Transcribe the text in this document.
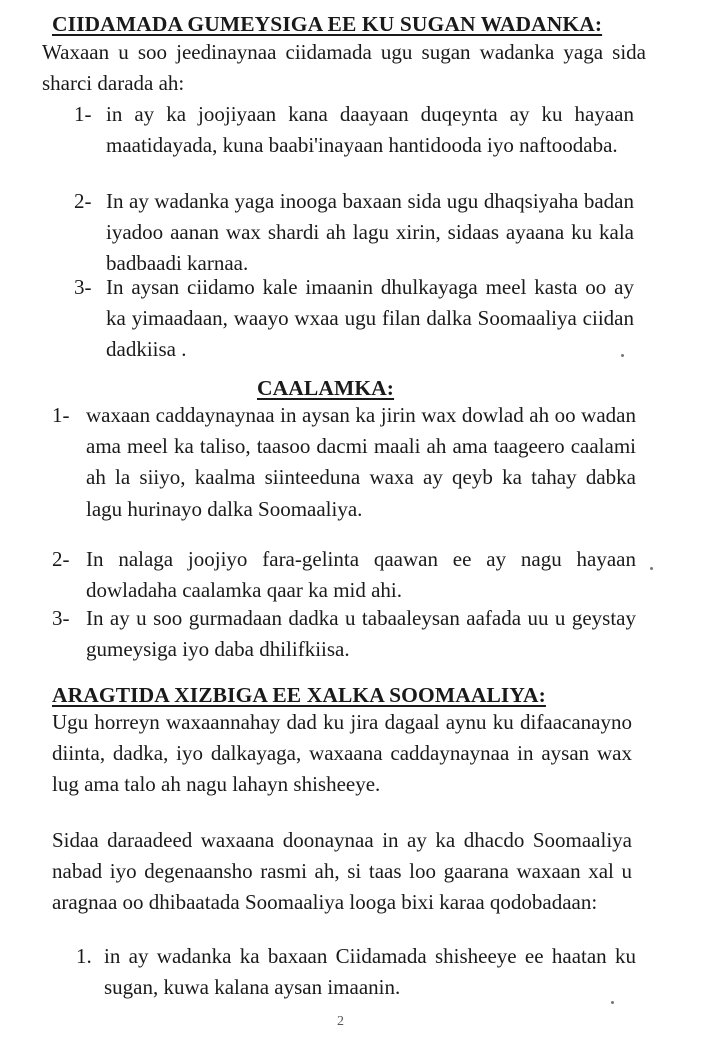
CIIDAMADA GUMEYSIGA EE KU SUGAN WADANKA:
Waxaan u soo jeedinaynaa ciidamada ugu sugan wadanka yaga sida sharci darada ah:
1- in ay ka joojiyaan kana daayaan duqeynta ay ku hayaan maatidayada, kuna baabi'inayaan hantidooda iyo naftoodaba.
2- In ay wadanka yaga inooga baxaan sida ugu dhaqsiyaha badan iyadoo aanan wax shardi ah lagu xirin, sidaas ayaana ku kala badbaadi karnaa.
3- In aysan ciidamo kale imaanin dhulkayaga meel kasta oo ay ka yimaadaan, waayo wxaa ugu filan dalka Soomaaliya ciidan dadkiisa .
CAALAMKA:
1- waxaan caddaynaynaa in aysan ka jirin wax dowlad ah oo wadan ama meel ka taliso, taasoo dacmi maali ah ama taageero caalami ah la siiyo, kaalma siinteeduna waxa ay qeyb ka tahay dabka lagu hurinayo dalka Soomaaliya.
2- In nalaga joojiyo fara-gelinta qaawan ee ay nagu hayaan dowladaha caalamka qaar ka mid ahi.
3- In ay u soo gurmadaan dadka u tabaaleysan aafada uu u geystay gumeysiga iyo daba dhilifkiisa.
ARAGTIDA XIZBIGA EE XALKA SOOMAALIYA:
Ugu horreyn waxaannahay dad ku jira dagaal aynu ku difaacanayno diinta, dadka, iyo dalkayaga, waxaana caddaynaynaa in aysan wax lug ama talo ah nagu lahayn shisheeye.
Sidaa daraadeed waxaana doonaynaa in ay ka dhacdo Soomaaliya nabad iyo degenaansho rasmi ah, si taas loo gaarana waxaan xal u aragnaa oo dhibaatada Soomaaliya looga bixi karaa qodobadaan:
1. in ay wadanka ka baxaan Ciidamada shisheeye ee haatan ku sugan, kuwa kalana aysan imaanin.
2
